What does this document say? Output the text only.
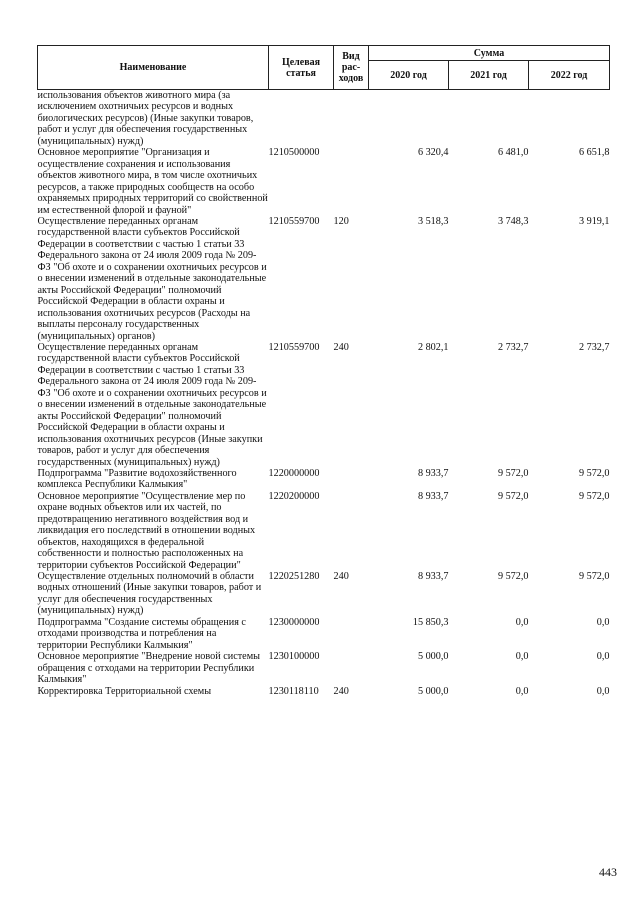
Наименование	Целевая статья	Вид рас-ходов	Сумма		
			2020 год	2021 год	2022 год
использования объектов животного мира (за исключением охотничьих ресурсов и водных биологических ресурсов) (Иные закупки товаров, работ и услуг для обеспечения государственных (муниципальных) нужд)					
Основное мероприятие "Организация и осуществление сохранения и использования объектов животного мира, в том числе охотничьих ресурсов, а также природных сообществ на особо охраняемых природных территорий со свойственной им естественной флорой и фауной"	1210500000		6 320,4	6 481,0	6 651,8
Осуществление переданных органам государственной власти субъектов Российской Федерации в соответствии с частью 1 статьи 33 Федерального закона от 24 июля 2009 года № 209-ФЗ "Об охоте и о сохранении охотничьих ресурсов и о внесении изменений в отдельные законодательные акты Российской Федерации" полномочий Российской Федерации в области охраны и использования охотничьих ресурсов (Расходы на выплаты персоналу государственных (муниципальных) органов)	1210559700	120	3 518,3	3 748,3	3 919,1
Осуществление переданных органам государственной власти субъектов Российской Федерации в соответствии с частью 1 статьи 33 Федерального закона от 24 июля 2009 года № 209-ФЗ "Об охоте и о сохранении охотничьих ресурсов и о внесении изменений в отдельные законодательные акты Российской Федерации" полномочий Российской Федерации в области охраны и использования охотничьих ресурсов (Иные закупки товаров, работ и услуг для обеспечения государственных (муниципальных) нужд)	1210559700	240	2 802,1	2 732,7	2 732,7
Подпрограмма "Развитие водохозяйственного комплекса Республики Калмыкия"	1220000000		8 933,7	9 572,0	9 572,0
Основное мероприятие "Осуществление мер по охране водных объектов или их частей, по предотвращению негативного воздействия вод и ликвидация его последствий в отношении водных объектов, находящихся в федеральной собственности и полностью расположенных на территории субъектов Российской Федерации"	1220200000		8 933,7	9 572,0	9 572,0
Осуществление отдельных полномочий в области водных отношений (Иные закупки товаров, работ и услуг для обеспечения государственных (муниципальных) нужд)	1220251280	240	8 933,7	9 572,0	9 572,0
Подпрограмма "Создание системы обращения с отходами производства и потребления на территории Республики Калмыкия"	1230000000		15 850,3	0,0	0,0
Основное мероприятие "Внедрение новой системы обращения с отходами на территории Республики Калмыкия"	1230100000		5 000,0	0,0	0,0
Корректировка Территориальной схемы	1230118110	240	5 000,0	0,0	0,0
443
